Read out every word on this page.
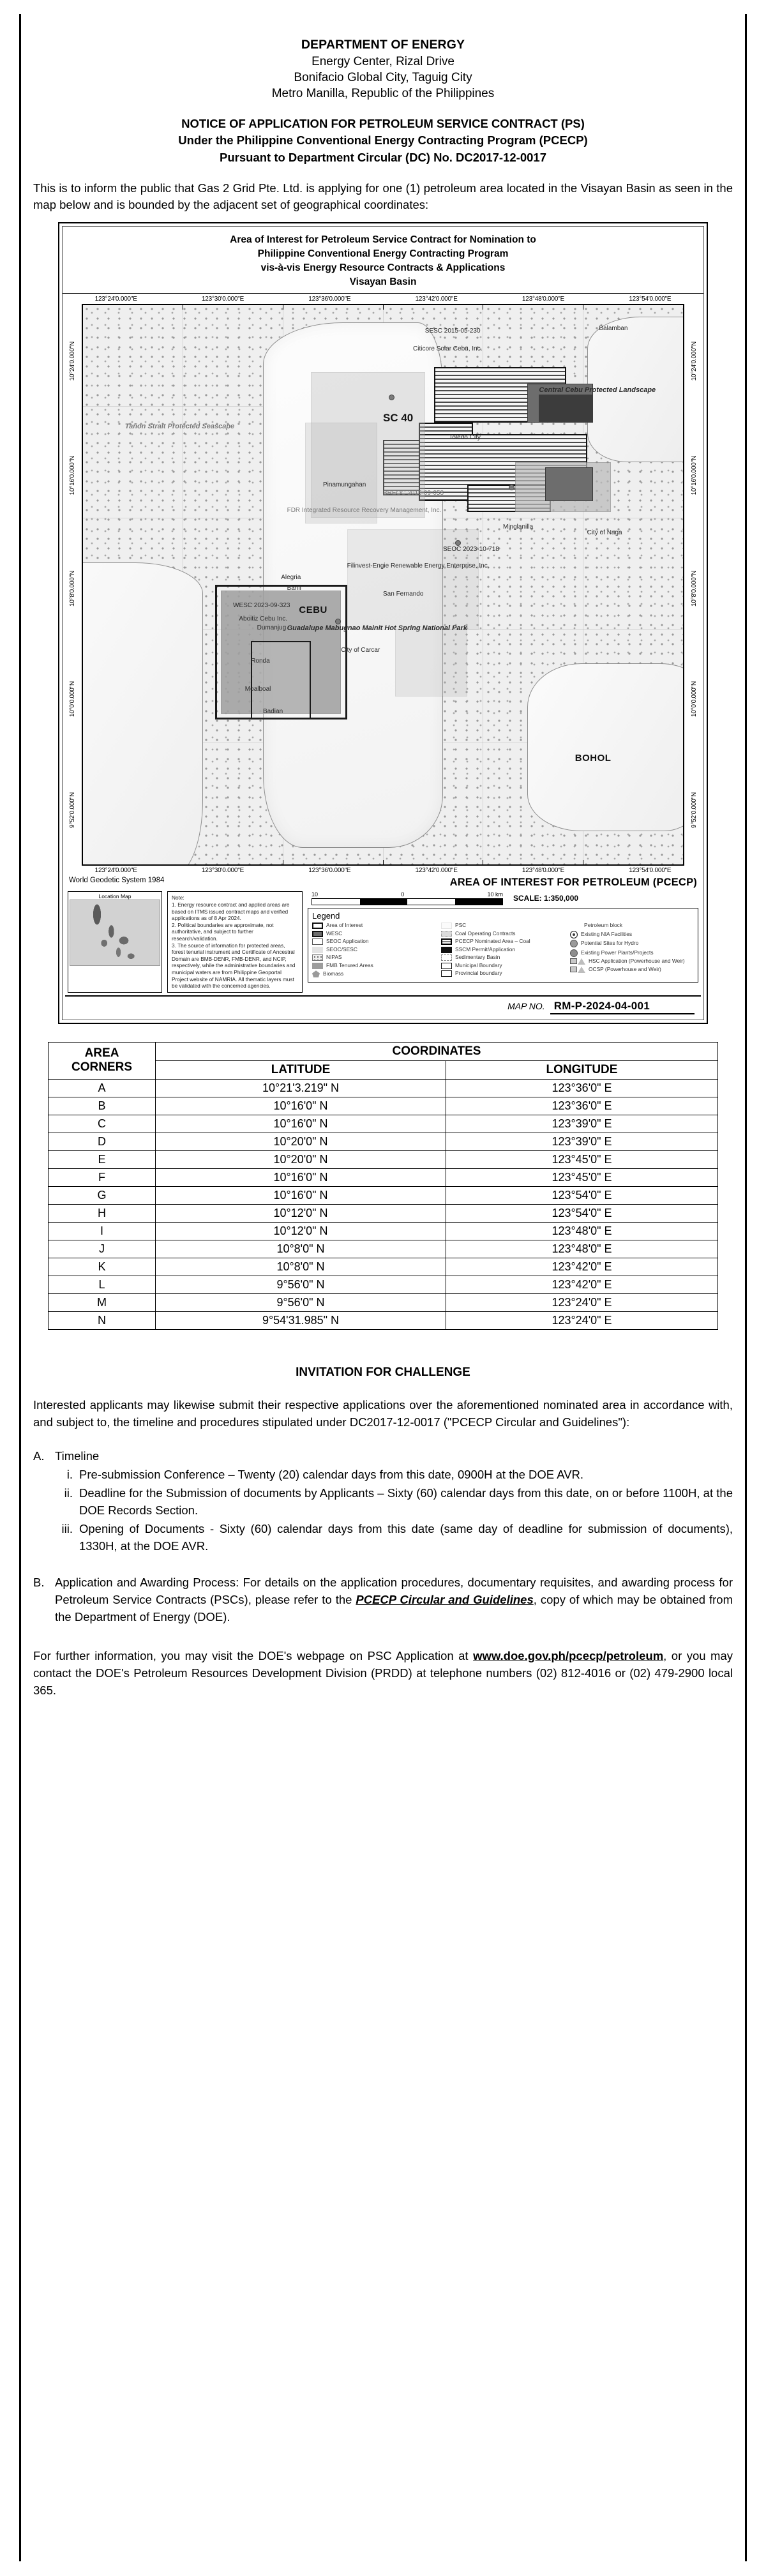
DEPARTMENT OF ENERGY
Energy Center, Rizal Drive
Bonifacio Global City, Taguig City
Metro Manilla, Republic of the Philippines
NOTICE OF APPLICATION FOR PETROLEUM SERVICE CONTRACT (PS)
Under the Philippine Conventional Energy Contracting Program (PCECP)
Pursuant to Department Circular (DC) No. DC2017-12-0017
This is to inform the public that Gas 2 Grid Pte. Ltd. is applying for one (1) petroleum area located in the Visayan Basin as seen in the map below and is bounded by the adjacent set of geographical coordinates:
Area of Interest for Petroleum Service Contract for Nomination to
Philippine Conventional Energy Contracting Program
vis-à-vis Energy Resource Contracts & Applications
Visayan Basin
123°24'0.000"E	123°30'0.000"E	123°36'0.000"E	123°42'0.000"E	123°48'0.000"E	123°54'0.000"E
10°24'0.000"N
10°16'0.000"N
10°8'0.000"N
10°0'0.000"N
9°52'0.000"N
SESC 2015-05-230
Citicore Solar Cebu, Inc.
SC 40
Central Cebu Protected Landscape
Toledo City
Balamban
BREOC 2015-09-058
FDR Integrated Resource Recovery Management, Inc.
SEOC 2023-10-718
Filinvest-Engie Renewable Energy Enterprise, Inc.
WESC 2023-09-323
Aboitiz Cebu Inc.
CEBU
Guadalupe Mabugnao Mainit Hot Spring National Park
BOHOL
Tañon Strait Protected Seascape
Minglanilla
City of Naga
Pinamungahan
Alegria
San Fernando
City of Carcar
Barili
Dumanjug
Ronda
Badian
Moalboal
10°24'0.000"N
10°16'0.000"N
10°8'0.000"N
10°0'0.000"N
9°52'0.000"N
123°24'0.000"E	123°30'0.000"E	123°36'0.000"E	123°42'0.000"E	123°48'0.000"E	123°54'0.000"E
World Geodetic System 1984	AREA OF INTEREST FOR PETROLEUM (PCECP)
Location Map	Note:
1. Energy resource contract and applied areas are based on ITMS issued contract maps and verified applications as of 8 Apr 2024.
2. Political boundaries are approximate, not authoritative, and subject to further research/validation.
3. The source of information for protected areas, forest tenurial instrument and Certificate of Ancestral Domain are BMB-DENR, FMB-DENR, and NCIP, respectively, while the administrative boundaries and municipal waters are from Philippine Geoportal Project website of NAMRIA. All thematic layers must be validated with the concerned agencies.
10	0	10 km SCALE: 1:350,000
Legend
Area of Interest
WESC
SEOC Application
SEOC/SESC
NIPAS
FMB Tenured Areas
Biomass
PSC
Coal Operating Contracts
PCECP Nominated Area – Coal
SSCM Permit/Application
Sedimentary Basin
Municipal Boundary
Provincial boundary
Petroleum block
Existing NIA Facilities
Potential Sites for Hydro
Existing Power Plants/Projects
HSC Application (Powerhouse and Weir)
OCSP (Powerhouse and Weir)
MAP NO. RM-P-2024-04-001
AREA
CORNERS	COORDINATES	
	LATITUDE	LONGITUDE
A	10°21'3.219" N	123°36'0" E
B	10°16'0" N	123°36'0" E
C	10°16'0" N	123°39'0" E
D	10°20'0" N	123°39'0" E
E	10°20'0" N	123°45'0" E
F	10°16'0" N	123°45'0" E
G	10°16'0" N	123°54'0" E
H	10°12'0" N	123°54'0" E
I	10°12'0" N	123°48'0" E
J	10°8'0" N	123°48'0" E
K	10°8'0" N	123°42'0" E
L	9°56'0" N	123°42'0" E
M	9°56'0" N	123°24'0" E
N	9°54'31.985" N	123°24'0" E
INVITATION FOR CHALLENGE
Interested applicants may likewise submit their respective applications over the aforementioned nominated area in accordance with, and subject to, the timeline and procedures stipulated under DC2017-12-0017 ("PCECP Circular and Guidelines"):
A. Timeline
i. Pre-submission Conference – Twenty (20) calendar days from this date, 0900H at the DOE AVR.
ii. Deadline for the Submission of documents by Applicants – Sixty (60) calendar days from this date, on or before 1100H, at the DOE Records Section.
iii. Opening of Documents - Sixty (60) calendar days from this date (same day of deadline for submission of documents), 1330H, at the DOE AVR.
B. Application and Awarding Process: For details on the application procedures, documentary requisites, and awarding process for Petroleum Service Contracts (PSCs), please refer to the PCECP Circular and Guidelines, copy of which may be obtained from the Department of Energy (DOE).
For further information, you may visit the DOE's webpage on PSC Application at www.doe.gov.ph/pcecp/petroleum, or you may contact the DOE's Petroleum Resources Development Division (PRDD) at telephone numbers (02) 812-4016 or (02) 479-2900 local 365.
